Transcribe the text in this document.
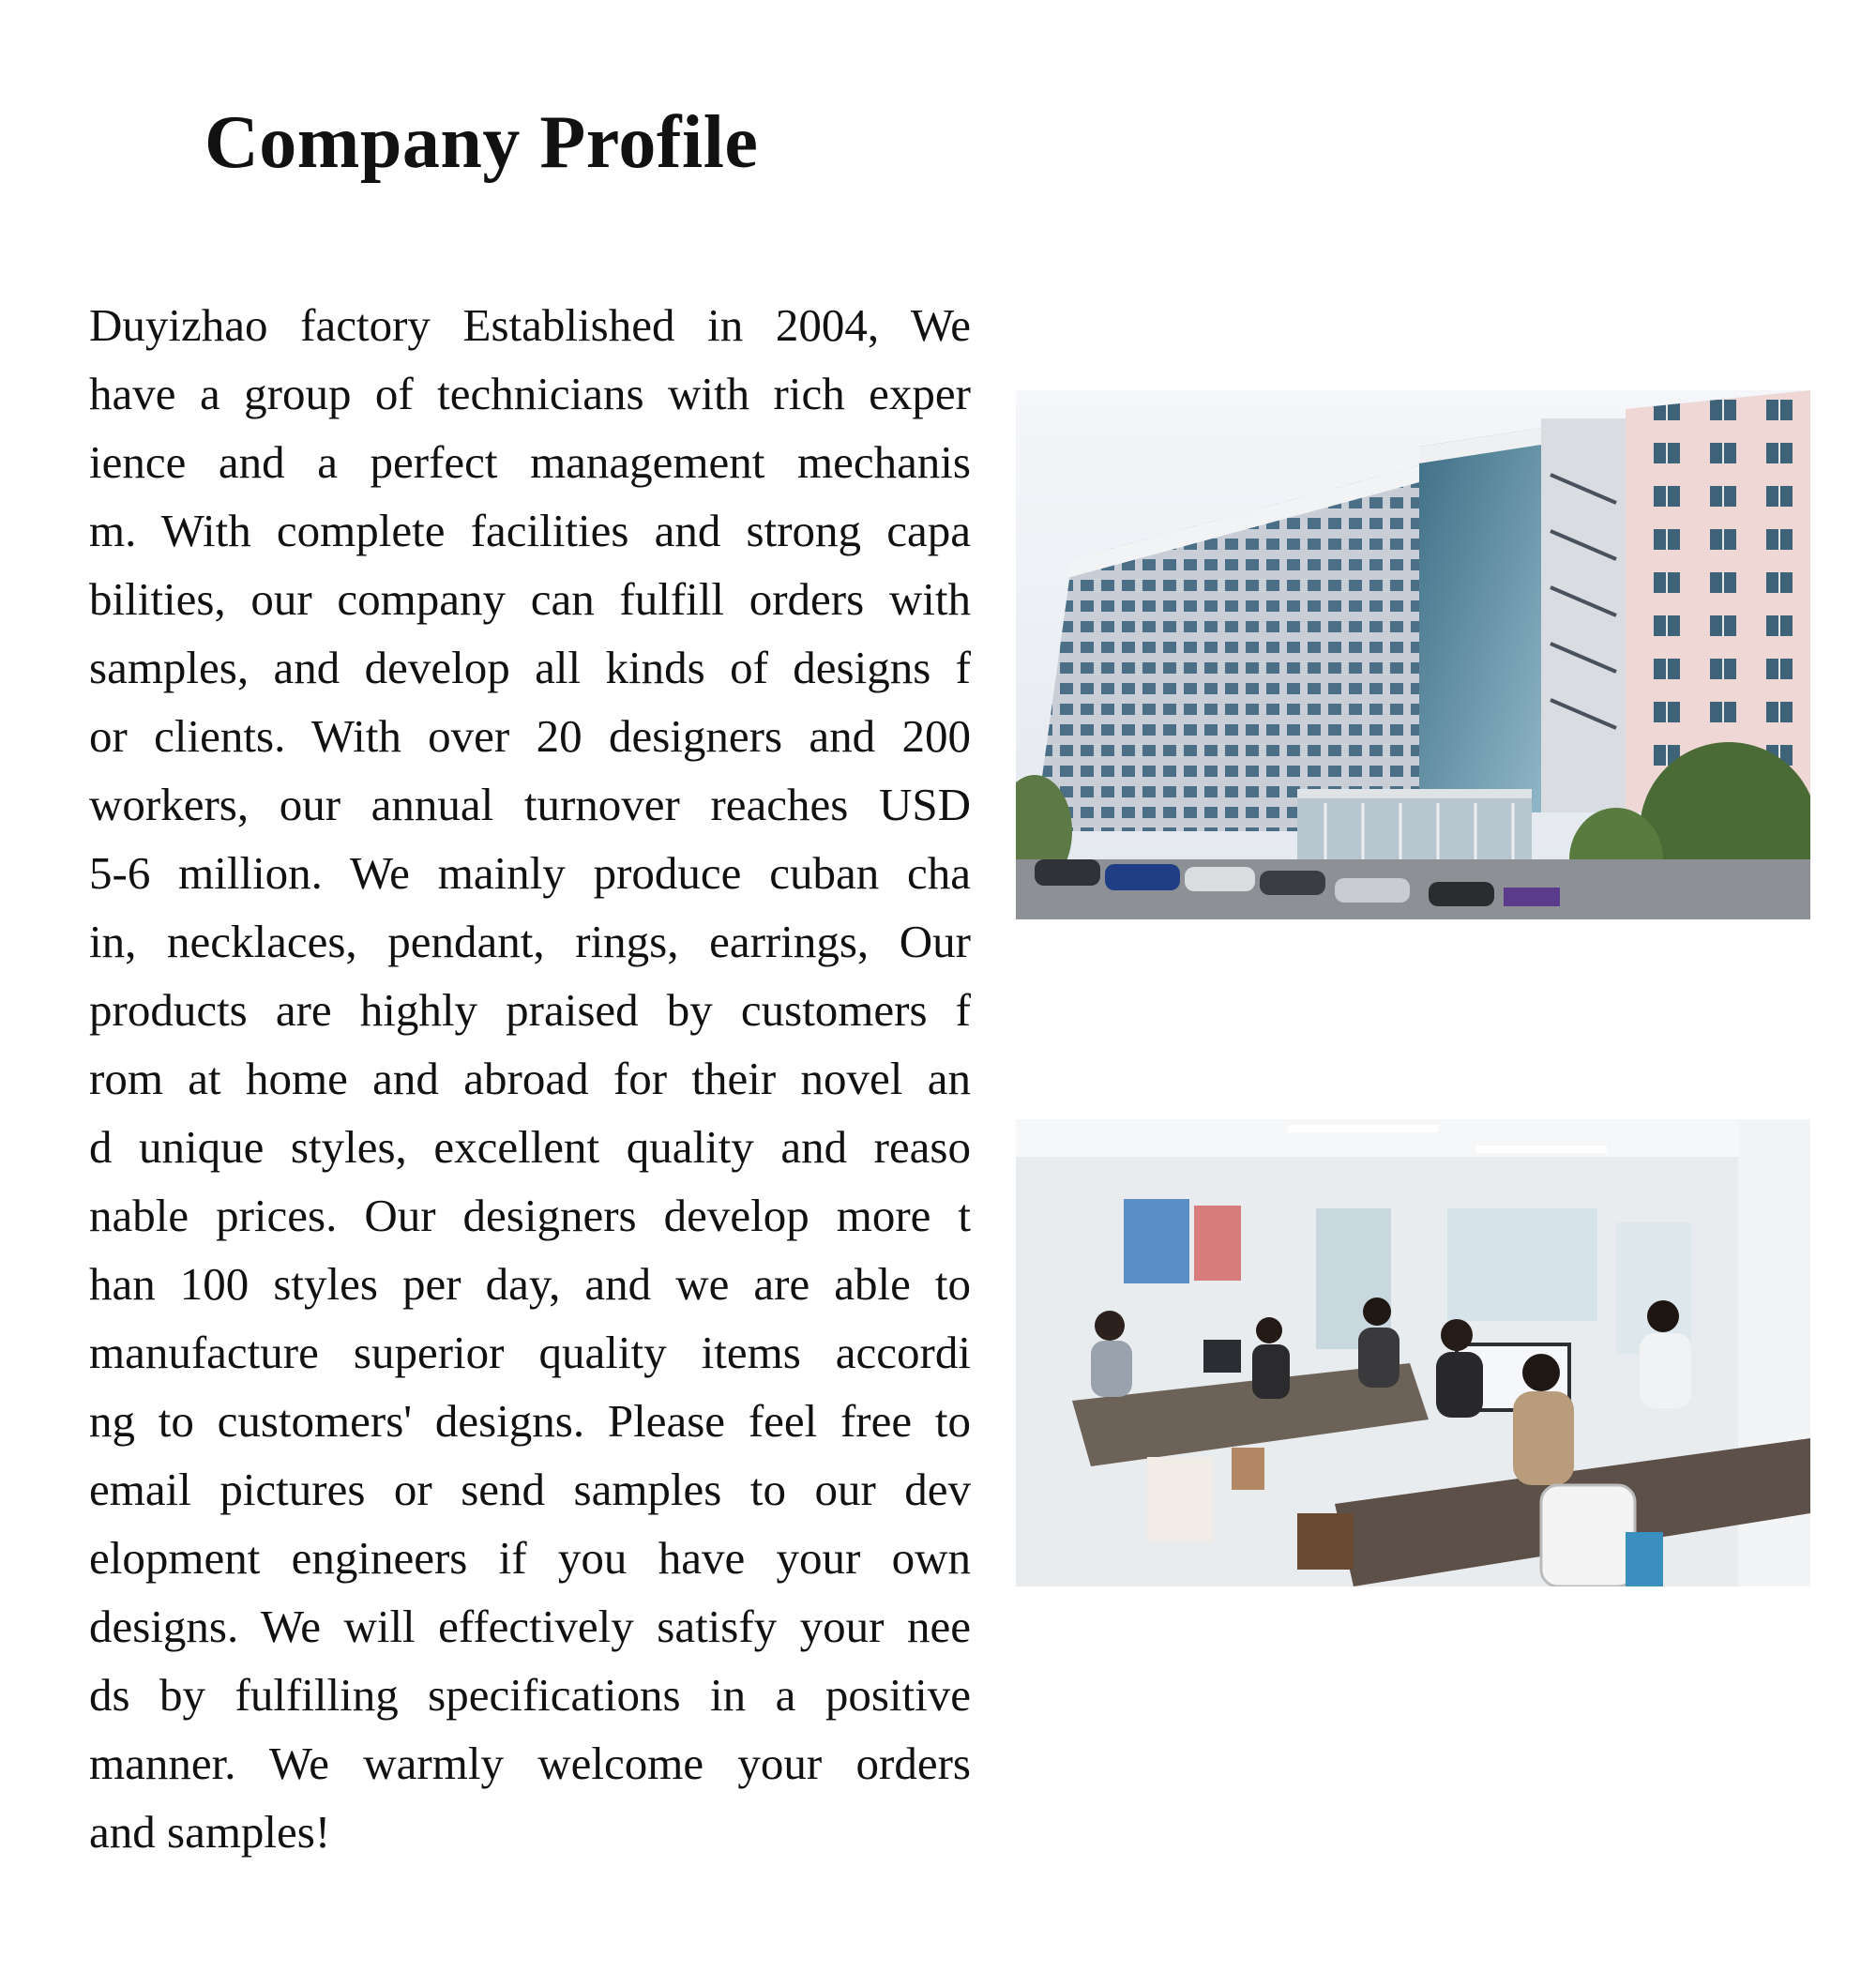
Company Profile
Duyizhao factory Established in 2004, We
have a group of technicians with rich exper
ience and a perfect management mechanis
m. With complete facilities and strong capa
bilities, our company can fulfill orders with
samples, and develop all kinds of designs f
or clients. With over 20 designers and 200
workers, our annual turnover reaches USD
5-6 million. We mainly produce cuban cha
in, necklaces, pendant, rings, earrings, Our
products are highly praised by customers f
rom at home and abroad for their novel an
d unique styles, excellent quality and reaso
nable prices. Our designers develop more t
han 100 styles per day, and we are able to
manufacture superior quality items accordi
ng to customers' designs. Please feel free to
email pictures or send samples to our dev
elopment engineers if you have your own
designs. We will effectively satisfy your nee
ds by fulfilling specifications in a positive
manner. We warmly welcome your orders
and samples!
